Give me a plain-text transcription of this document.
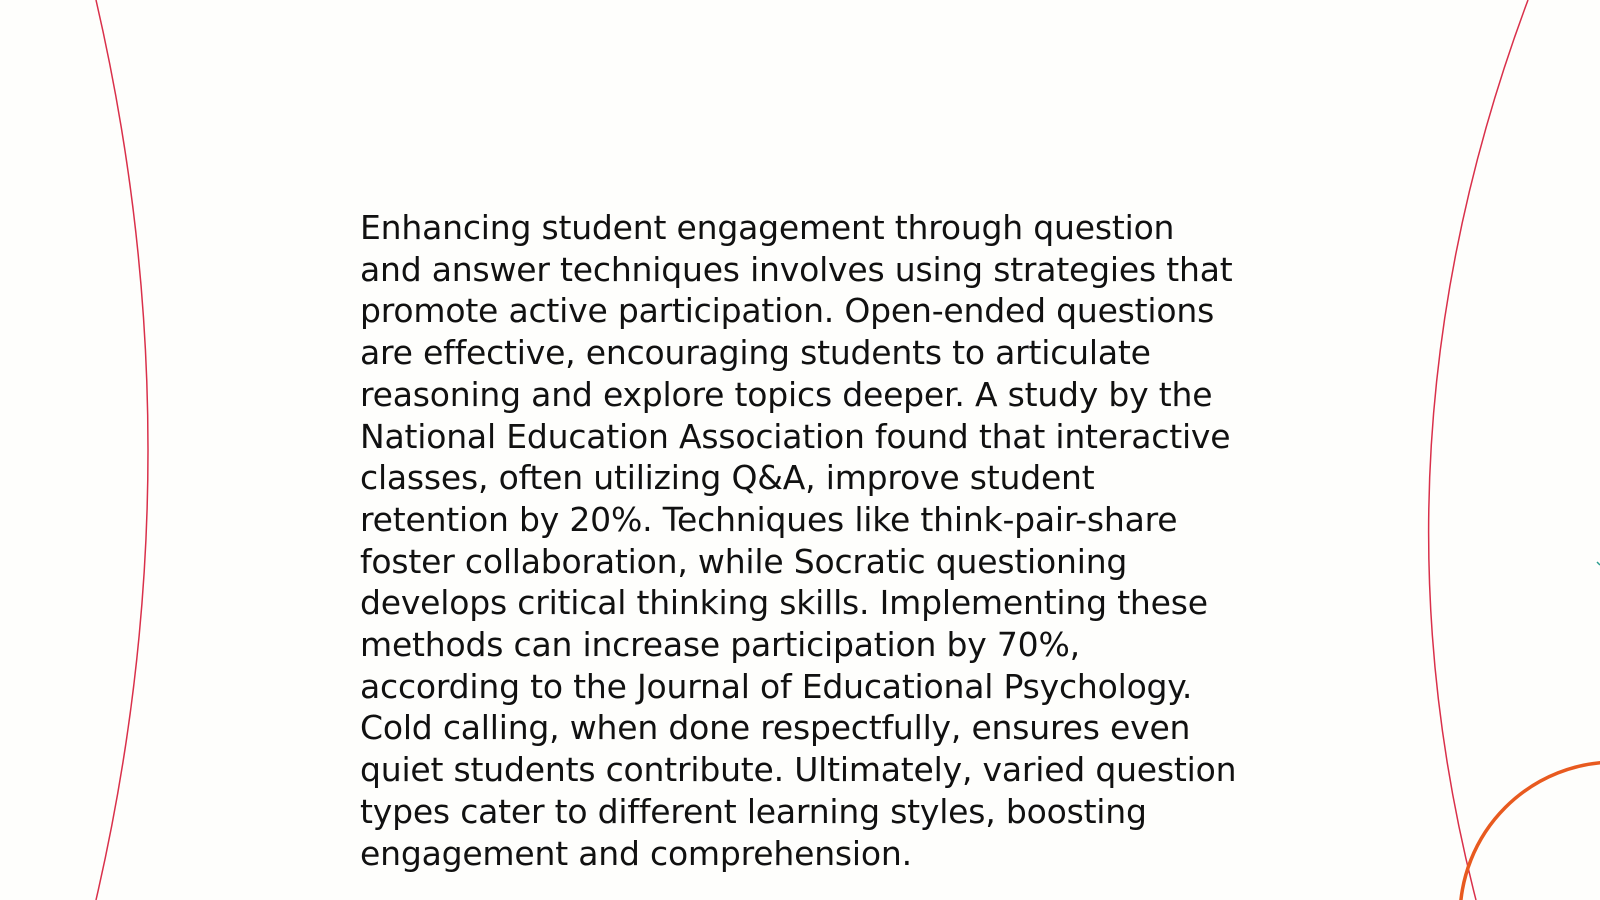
Enhancing student engagement through question and answer techniques involves using strategies that promote active participation. Open-ended questions are effective, encouraging students to articulate reasoning and explore topics deeper. A study by the National Education Association found that interactive classes, often utilizing Q&A, improve student retention by 20%. Techniques like think-pair-share foster collaboration, while Socratic questioning develops critical thinking skills. Implementing these methods can increase participation by 70%, according to the Journal of Educational Psychology. Cold calling, when done respectfully, ensures even quiet students contribute. Ultimately, varied question types cater to different learning styles, boosting engagement and comprehension.
